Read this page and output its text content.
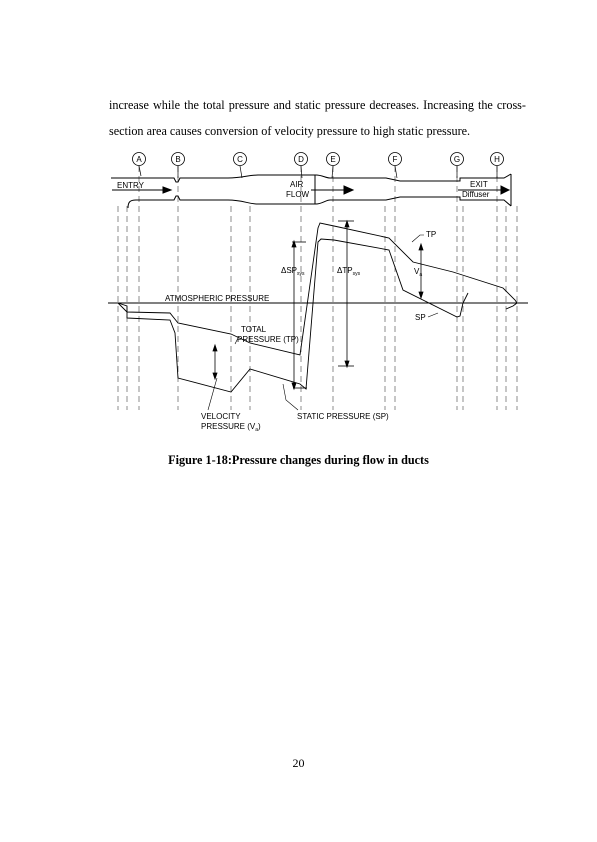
increase while the total pressure and static pressure decreases. Increasing the cross-section area causes conversion of velocity pressure to high static pressure.

A	B	C	D	E	F	G	H
ENTRY	AIR
FLOW
EXIT
Diffuser
ATMOSPHERIC PRESSURE
TOTAL
PRESSURE (TP)
$\Delta SP_{sys}$	$\Delta TP_{sys}$	$V_a$
TP
SP
STATIC PRESSURE (SP)
VELOCITY
PRESSURE $(V_a)$

Figure 1-18:Pressure changes during flow in ducts

20
